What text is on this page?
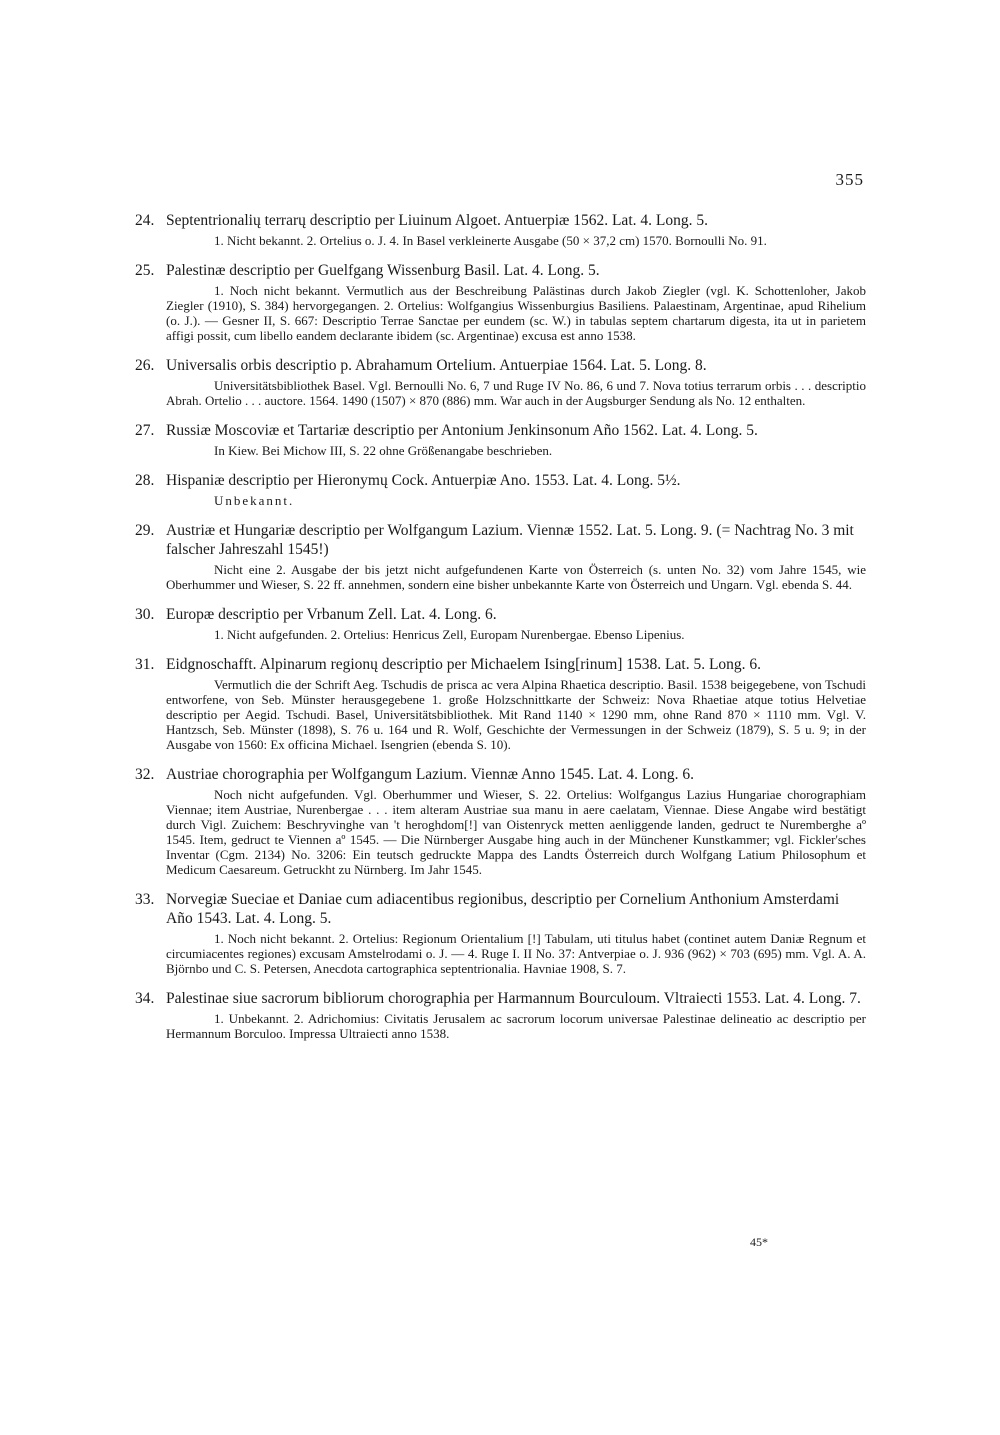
355
24. Septentrionalių terrarų descriptio per Liuinum Algoet. Antuerpiæ 1562. Lat. 4. Long. 5.
1. Nicht bekannt. 2. Ortelius o. J. 4. In Basel verkleinerte Ausgabe (50 × 37,2 cm) 1570. Bornoulli No. 91.
25. Palestinæ descriptio per Guelfgang Wissenburg Basil. Lat. 4. Long. 5.
1. Noch nicht bekannt. Vermutlich aus der Beschreibung Palästinas durch Jakob Ziegler (vgl. K. Schottenloher, Jakob Ziegler (1910), S. 384) hervorgegangen. 2. Ortelius: Wolfgangius Wissenburgius Basiliens. Palaestinam, Argentinae, apud Rihelium (o. J.). — Gesner II, S. 667: Descriptio Terrae Sanctae per eundem (sc. W.) in tabulas septem chartarum digesta, ita ut in parietem affigi possit, cum libello eandem declarante ibidem (sc. Argentinae) excusa est anno 1538.
26. Universalis orbis descriptio p. Abrahamum Ortelium. Antuerpiae 1564. Lat. 5. Long. 8.
Universitätsbibliothek Basel. Vgl. Bernoulli No. 6, 7 und Ruge IV No. 86, 6 und 7. Nova totius terrarum orbis . . . descriptio Abrah. Ortelio . . . auctore. 1564. 1490 (1507) × 870 (886) mm. War auch in der Augsburger Sendung als No. 12 enthalten.
27. Russiæ Moscoviæ et Tartariæ descriptio per Antonium Jenkinsonum Año 1562. Lat. 4. Long. 5.
In Kiew. Bei Michow III, S. 22 ohne Größenangabe beschrieben.
28. Hispaniæ descriptio per Hieronymų Cock. Antuerpiæ Ano. 1553. Lat. 4. Long. 5½.
Unbekannt.
29. Austriæ et Hungariæ descriptio per Wolfgangum Lazium. Viennæ 1552. Lat. 5. Long. 9. (= Nachtrag No. 3 mit falscher Jahreszahl 1545!)
Nicht eine 2. Ausgabe der bis jetzt nicht aufgefundenen Karte von Österreich (s. unten No. 32) vom Jahre 1545, wie Oberhummer und Wieser, S. 22 ff. annehmen, sondern eine bisher unbekannte Karte von Österreich und Ungarn. Vgl. ebenda S. 44.
30. Europæ descriptio per Vrbanum Zell. Lat. 4. Long. 6.
1. Nicht aufgefunden. 2. Ortelius: Henricus Zell, Europam Nurenbergae. Ebenso Lipenius.
31. Eidgnoschafft. Alpinarum regionų descriptio per Michaelem Ising[rinum] 1538. Lat. 5. Long. 6.
Vermutlich die der Schrift Aeg. Tschudis de prisca ac vera Alpina Rhaetica descriptio. Basil. 1538 beigegebene, von Tschudi entworfene, von Seb. Münster herausgegebene 1. große Holzschnittkarte der Schweiz: Nova Rhaetiae atque totius Helvetiae descriptio per Aegid. Tschudi. Basel, Universitätsbibliothek. Mit Rand 1140 × 1290 mm, ohne Rand 870 × 1110 mm. Vgl. V. Hantzsch, Seb. Münster (1898), S. 76 u. 164 und R. Wolf, Geschichte der Vermessungen in der Schweiz (1879), S. 5 u. 9; in der Ausgabe von 1560: Ex officina Michael. Isengrien (ebenda S. 10).
32. Austriae chorographia per Wolfgangum Lazium. Viennæ Anno 1545. Lat. 4. Long. 6.
Noch nicht aufgefunden. Vgl. Oberhummer und Wieser, S. 22. Ortelius: Wolfgangus Lazius Hungariae chorographiam Viennae; item Austriae, Nurenbergae . . . item alteram Austriae sua manu in aere caelatam, Viennae. Diese Angabe wird bestätigt durch Vigl. Zuichem: Beschryvinghe van 't heroghdom[!] van Oistenryck metten aenliggende landen, gedruct te Nuremberghe aº 1545. Item, gedruct te Viennen aº 1545. — Die Nürnberger Ausgabe hing auch in der Münchener Kunstkammer; vgl. Fickler'sches Inventar (Cgm. 2134) No. 3206: Ein teutsch gedruckte Mappa des Landts Österreich durch Wolfgang Latium Philosophum et Medicum Caesareum. Getruckht zu Nürnberg. Im Jahr 1545.
33. Norvegiæ Sueciae et Daniae cum adiacentibus regionibus, descriptio per Cornelium Anthonium Amsterdami Año 1543. Lat. 4. Long. 5.
1. Noch nicht bekannt. 2. Ortelius: Regionum Orientalium [!] Tabulam, uti titulus habet (continet autem Daniæ Regnum et circumiacentes regiones) excusam Amstelrodami o. J. — 4. Ruge I. II No. 37: Antverpiae o. J. 936 (962) × 703 (695) mm. Vgl. A. A. Björnbo und C. S. Petersen, Anecdota cartographica septentrionalia. Havniae 1908, S. 7.
34. Palestinae siue sacrorum bibliorum chorographia per Harmannum Bourculoum. Vltraiecti 1553. Lat. 4. Long. 7.
1. Unbekannt. 2. Adrichomius: Civitatis Jerusalem ac sacrorum locorum universae Palestinae delineatio ac descriptio per Hermannum Borculoo. Impressa Ultraiecti anno 1538.
45*
